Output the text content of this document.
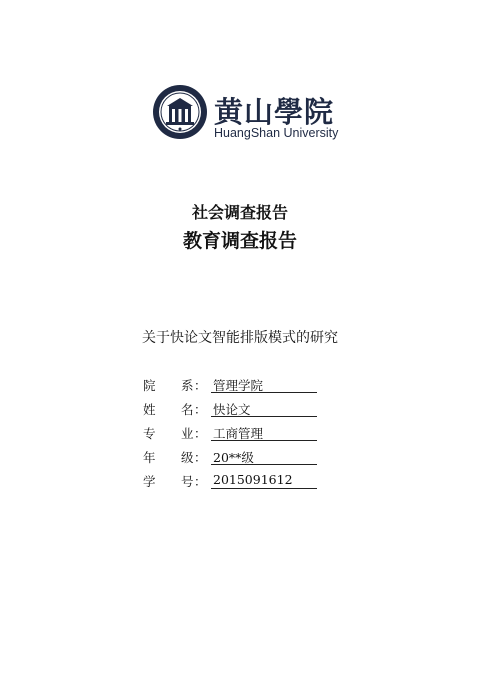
黄山學院
HuangShan University
社会调查报告
教育调查报告
关于快论文智能排版模式的研究
院 系 ： 管理学院
姓 名 ： 快论文
专 业 ： 工商管理
年 级 ： 20**级
学 号 ： 2015091612
